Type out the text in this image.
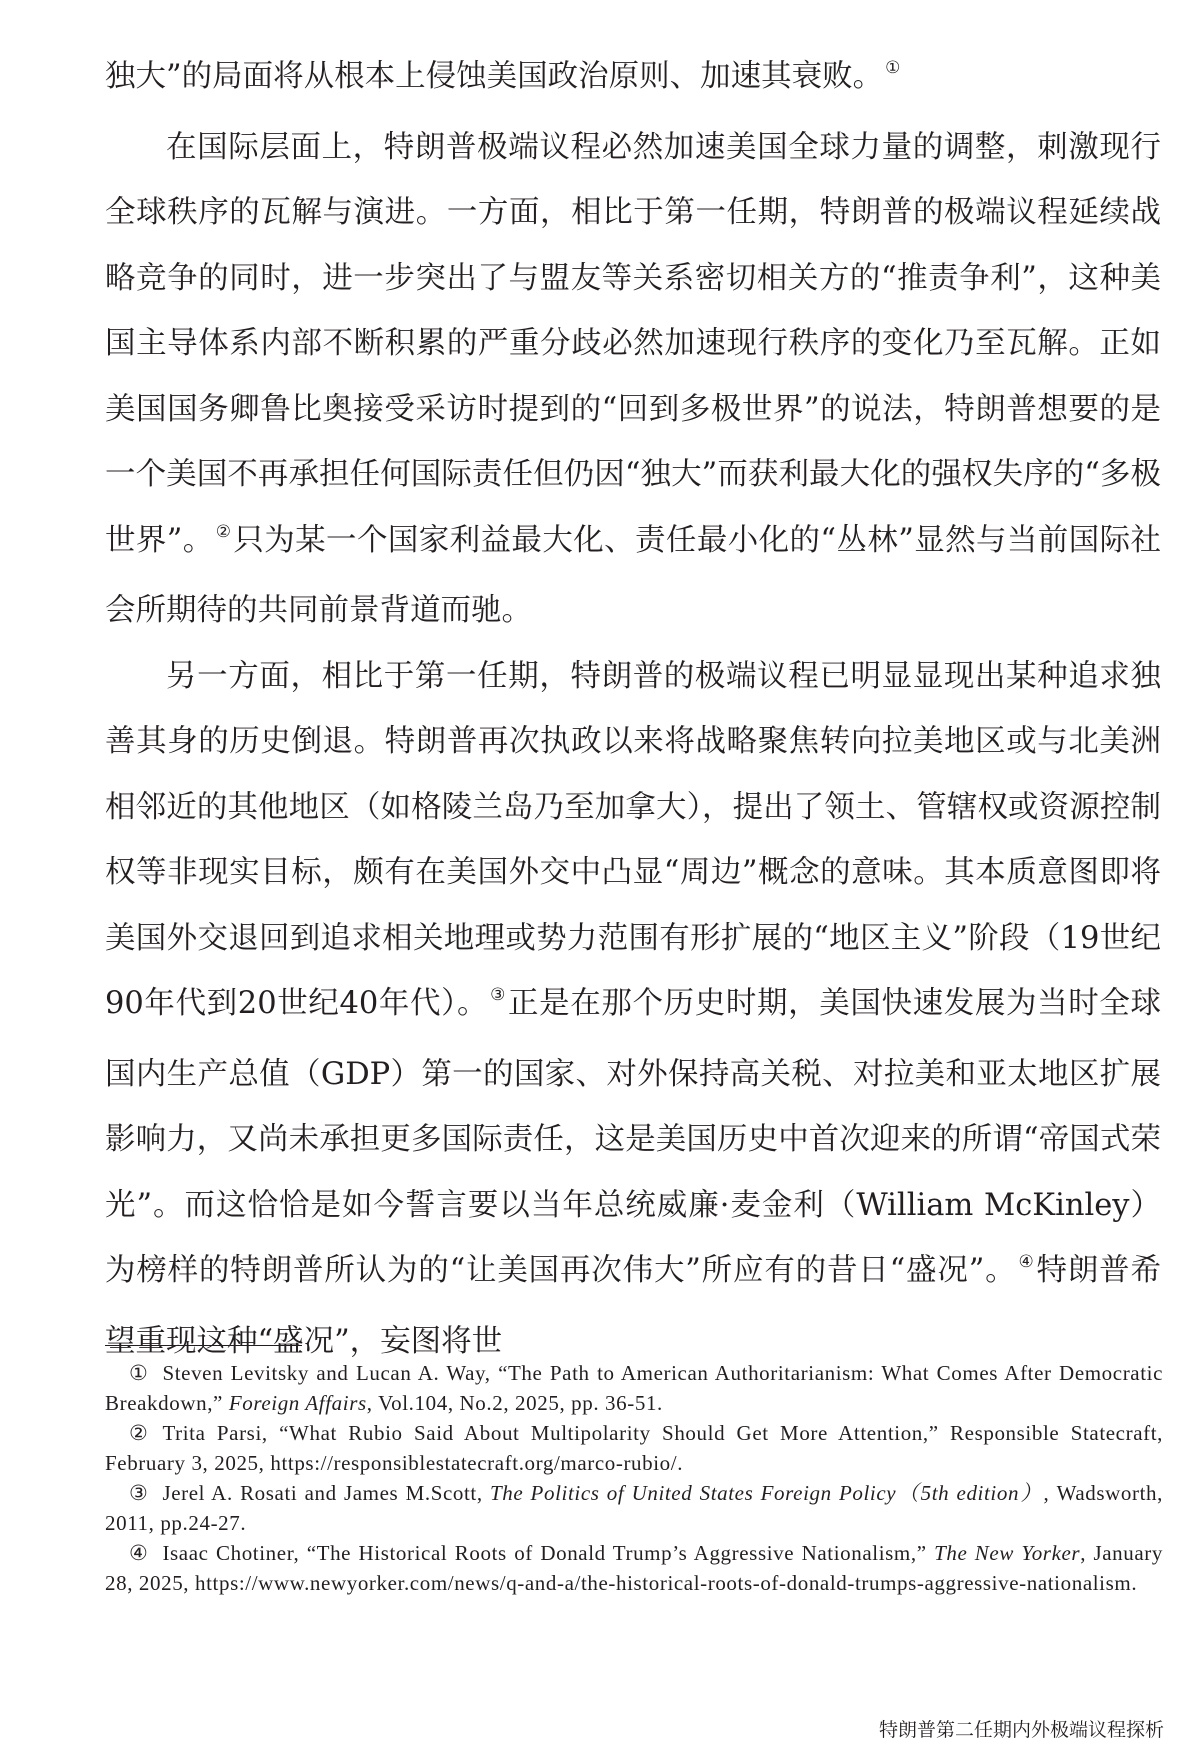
独大”的局面将从根本上侵蚀美国政治原则、加速其衰败。 ①

在国际层面上，特朗普极端议程必然加速美国全球力量的调整，刺激现行全球秩序的瓦解与演进。一方面，相比于第一任期，特朗普的极端议程延续战略竞争的同时，进一步突出了与盟友等关系密切相关方的“推责争利”，这种美国主导体系内部不断积累的严重分歧必然加速现行秩序的变化乃至瓦解。正如美国国务卿鲁比奥接受采访时提到的“回到多极世界”的说法，特朗普想要的是一个美国不再承担任何国际责任但仍因“独大”而获利最大化的强权失序的“多极世界”。 ②只为某一个国家利益最大化、责任最小化的“丛林”显然与当前国际社会所期待的共同前景背道而驰。

另一方面，相比于第一任期，特朗普的极端议程已明显显现出某种追求独善其身的历史倒退。特朗普再次执政以来将战略聚焦转向拉美地区或与北美洲相邻近的其他地区（如格陵兰岛乃至加拿大），提出了领土、管辖权或资源控制权等非现实目标，颇有在美国外交中凸显“周边”概念的意味。其本质意图即将美国外交退回到追求相关地理或势力范围有形扩展的“地区主义”阶段（19世纪90年代到20世纪40年代）。 ③正是在那个历史时期，美国快速发展为当时全球国内生产总值（GDP）第一的国家、对外保持高关税、对拉美和亚太地区扩展影响力，又尚未承担更多国际责任，这是美国历史中首次迎来的所谓“帝国式荣光”。而这恰恰是如今誓言要以当年总统威廉·麦金利（William McKinley）为榜样的特朗普所认为的“让美国再次伟大”所应有的昔日“盛况”。 ④特朗普希望重现这种“盛况”，妄图将世

① Steven Levitsky and Lucan A. Way, “The Path to American Authoritarianism: What Comes After Democratic Breakdown,” Foreign Affairs, Vol.104, No.2, 2025, pp. 36-51.

② Trita Parsi, “What Rubio Said About Multipolarity Should Get More Attention,” Responsible Statecraft, February 3, 2025, https://responsiblestatecraft.org/marco-rubio/.

③ Jerel A. Rosati and James M.Scott, The Politics of United States Foreign Policy（5th edition）, Wadsworth, 2011, pp.24-27.

④ Isaac Chotiner, “The Historical Roots of Donald Trump’s Aggressive Nationalism,” The New Yorker, January 28, 2025, https://www.newyorker.com/news/q-and-a/the-historical-roots-of-donald-trumps-aggressive-nationalism.

特朗普第二任期内外极端议程探析
